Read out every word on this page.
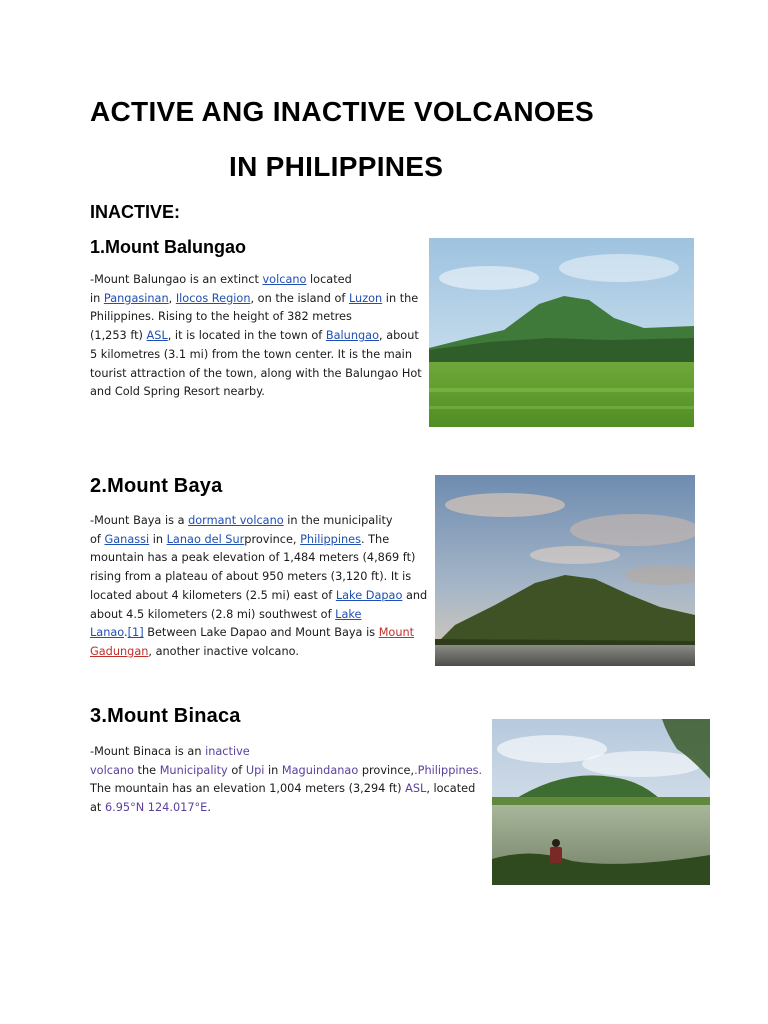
ACTIVE ANG INACTIVE VOLCANOES
IN PHILIPPINES
INACTIVE:
1.Mount Balungao
-Mount Balungao is an extinct volcano located
in Pangasinan, Ilocos Region, on the island of Luzon in the
Philippines. Rising to the height of 382 metres
(1,253 ft) ASL, it is located in the town of Balungao, about
5 kilometres (3.1 mi) from the town center. It is the main
tourist attraction of the town, along with the Balungao Hot
and Cold Spring Resort nearby.
2.Mount Baya
-Mount Baya is a dormant volcano in the municipality
of Ganassi in Lanao del Surprovince, Philippines. The
mountain has a peak elevation of 1,484 meters (4,869 ft)
rising from a plateau of about 950 meters (3,120 ft). It is
located about 4 kilometers (2.5 mi) east of Lake Dapao and
about 4.5 kilometers (2.8 mi) southwest of Lake
Lanao.[1] Between Lake Dapao and Mount Baya is Mount
Gadungan, another inactive volcano.
3.Mount Binaca
-Mount Binaca is an inactive
volcano the Municipality of Upi in Maguindanao province,.Philippines.
The mountain has an elevation 1,004 meters (3,294 ft) ASL, located
at 6.95°N 124.017°E.
